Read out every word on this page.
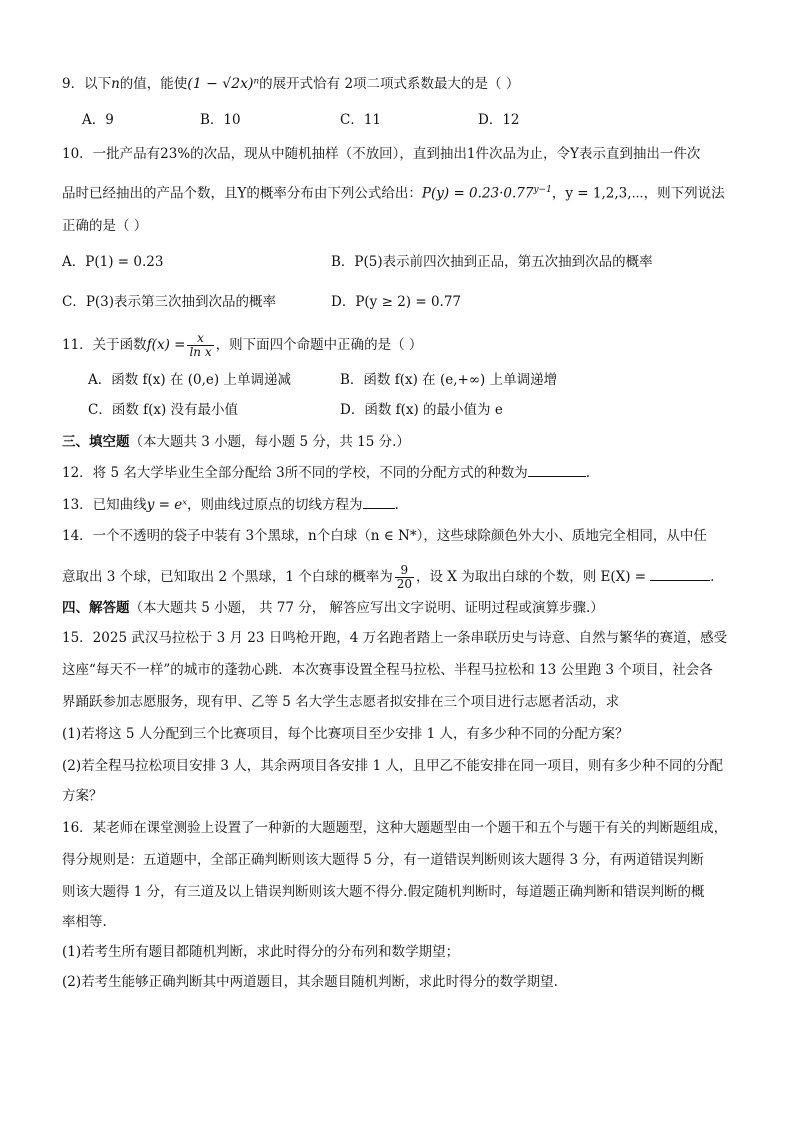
9．以下n的值，能使(1 − √2x)ⁿ的展开式恰有 2项二项式系数最大的是（ ）
A．9	B．10	C．11	D．12
10．一批产品有23%的次品，现从中随机抽样（不放回），直到抽出1件次品为止，令Y表示直到抽出一件次
品时已经抽出的产品个数，且Y的概率分布由下列公式给出：$P(y) = 0.23\cdot 0.77^{y-1}$，y = 1,2,3,⋯，则下列说法
正确的是（ ）
A．P(1) = 0.23	B．P(5)表示前四次抽到正品，第五次抽到次品的概率
C．P(3)表示第三次抽到次品的概率	D．P(y ≥ 2) = 0.77
11．关于函数$f(x) = \frac{x}{\text{ln x}}$ ，则下面四个命题中正确的是（ ）
A．函数 f(x) 在 (0,e) 上单调递减	B．函数 f(x) 在 (e,+∞) 上单调递增
C．函数 f(x) 没有最小值	D．函数 f(x) 的最小值为 e
三、填空题（本大题共 3 小题，每小题 5 分，共 15 分.）
12．将 5 名大学毕业生全部分配给 3所不同的学校，不同的分配方式的种数为	.
13．已知曲线y = eˣ，则曲线过原点的切线方程为 .
14．一个不透明的袋子中装有 3个黑球，n个白球（n ∈ N*），这些球除颜色外大小、质地完全相同，从中任
意取出 3 个球，已知取出 2 个黑球，1 个白球的概率为 $\frac{9}{20}$ ，设 X 为取出白球的个数，则 E(X) =	.
四、解答题（本大题共 5 小题， 共 77 分， 解答应写出文字说明、证明过程或演算步骤.）
15．2025 武汉马拉松于 3 月 23 日鸣枪开跑，4 万名跑者踏上一条串联历史与诗意、自然与繁华的赛道，感受
这座“每天不一样”的城市的蓬勃心跳．本次赛事设置全程马拉松、半程马拉松和 13 公里跑 3 个项目，社会各
界踊跃参加志愿服务，现有甲、乙等 5 名大学生志愿者拟安排在三个项目进行志愿者活动，求
(1)若将这 5 人分配到三个比赛项目，每个比赛项目至少安排 1 人，有多少种不同的分配方案？
(2)若全程马拉松项目安排 3 人，其余两项目各安排 1 人，且甲乙不能安排在同一项目，则有多少种不同的分配
方案？
16．某老师在课堂测验上设置了一种新的大题题型，这种大题题型由一个题干和五个与题干有关的判断题组成，
得分规则是：五道题中，全部正确判断则该大题得 5 分，有一道错误判断则该大题得 3 分，有两道错误判断
则该大题得 1 分，有三道及以上错误判断则该大题不得分.假定随机判断时，每道题正确判断和错误判断的概
率相等.
(1)若考生所有题目都随机判断，求此时得分的分布列和数学期望；
(2)若考生能够正确判断其中两道题目，其余题目随机判断，求此时得分的数学期望.
